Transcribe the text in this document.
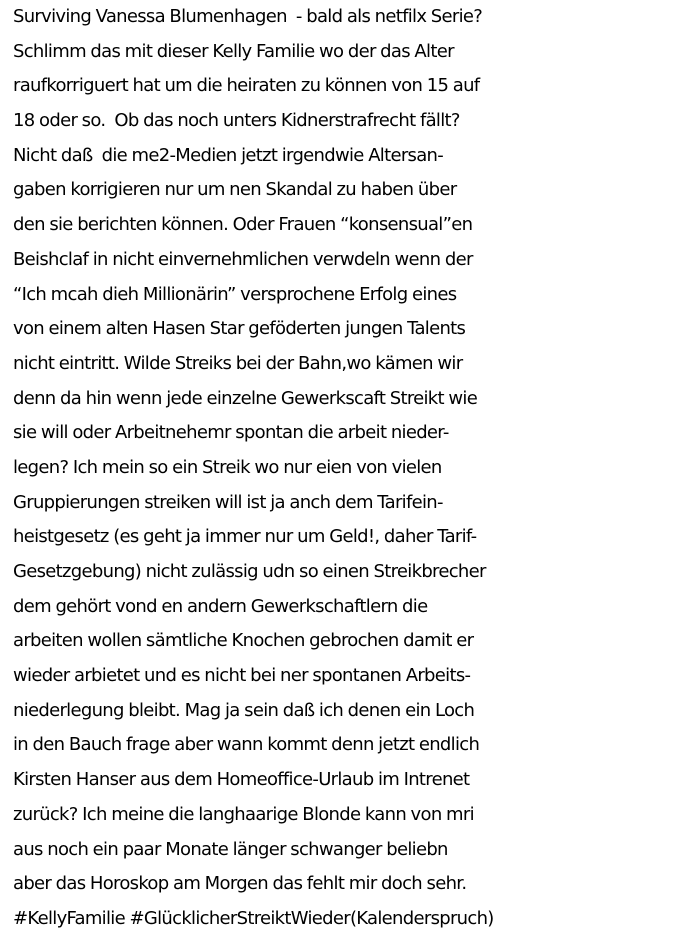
Surviving Vanessa Blumenhagen  - bald als netfilx Serie?
Schlimm das mit dieser Kelly Familie wo der das Alter
raufkorriguert hat um die heiraten zu können von 15 auf
18 oder so.  Ob das noch unters Kidnerstrafrecht fällt?
Nicht daß  die me2-Medien jetzt irgendwie Altersan-
gaben korrigieren nur um nen Skandal zu haben über
den sie berichten können. Oder Frauen “konsensual”en
Beishclaf in nicht einvernehmlichen verwdeln wenn der
“Ich mcah dieh Millionärin” versprochene Erfolg eines
von einem alten Hasen Star geföderten jungen Talents
nicht eintritt. Wilde Streiks bei der Bahn,wo kämen wir
denn da hin wenn jede einzelne Gewerkscaft Streikt wie
sie will oder Arbeitnehemr spontan die arbeit nieder-
legen? Ich mein so ein Streik wo nur eien von vielen
Gruppierungen streiken will ist ja anch dem Tarifein-
heistgesetz (es geht ja immer nur um Geld!, daher Tarif-
Gesetzgebung) nicht zulässig udn so einen Streikbrecher
dem gehört vond en andern Gewerkschaftlern die
arbeiten wollen sämtliche Knochen gebrochen damit er
wieder arbietet und es nicht bei ner spontanen Arbeits-
niederlegung bleibt. Mag ja sein daß ich denen ein Loch
in den Bauch frage aber wann kommt denn jetzt endlich
Kirsten Hanser aus dem Homeoffice-Urlaub im Intrenet
zurück? Ich meine die langhaarige Blonde kann von mri
aus noch ein paar Monate länger schwanger beliebn
aber das Horoskop am Morgen das fehlt mir doch sehr.
#KellyFamilie #GlücklicherStreiktWieder(Kalenderspruch)
